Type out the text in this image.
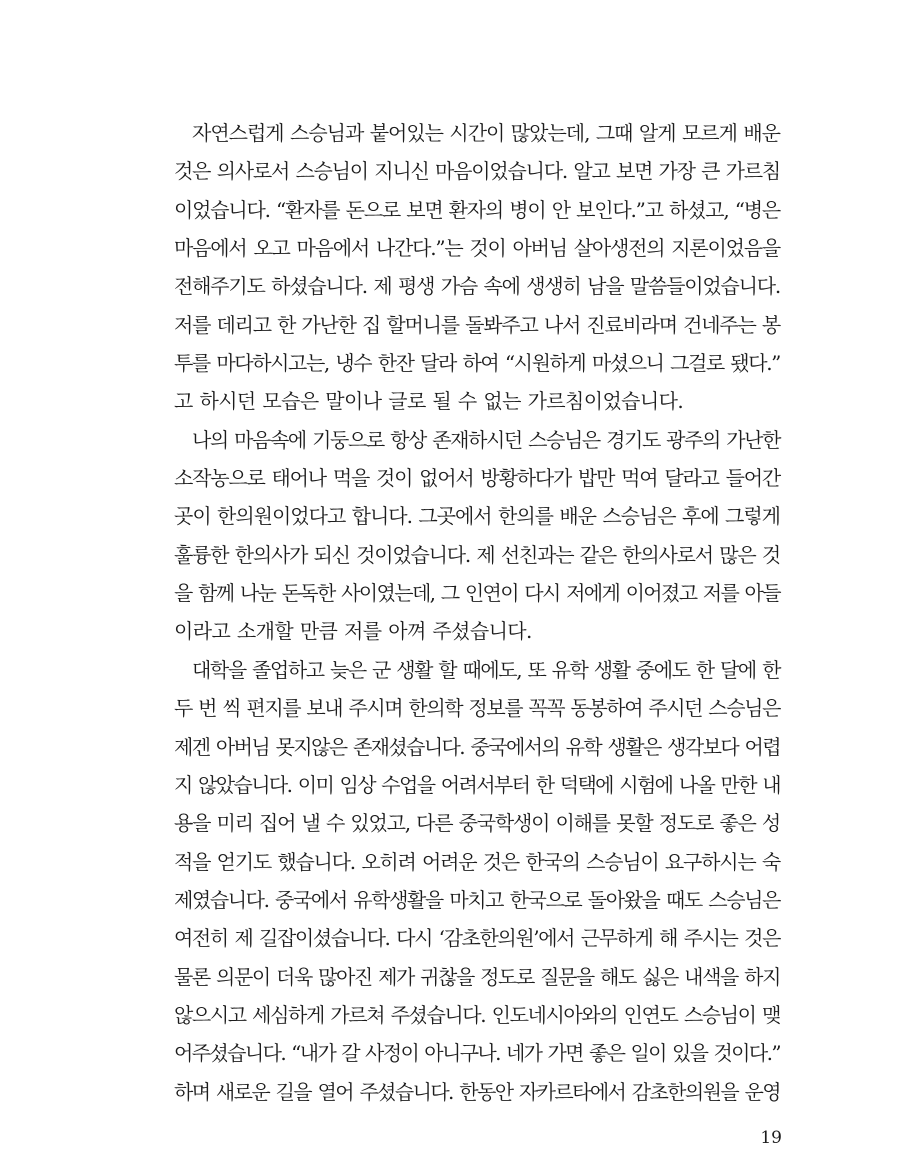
자연스럽게 스승님과 붙어있는 시간이 많았는데, 그때 알게 모르게 배운
것은 의사로서 스승님이 지니신 마음이었습니다. 알고 보면 가장 큰 가르침
이었습니다. “환자를 돈으로 보면 환자의 병이 안 보인다.”고 하셨고, “병은
마음에서 오고 마음에서 나간다.”는 것이 아버님 살아생전의 지론이었음을
전해주기도 하셨습니다. 제 평생 가슴 속에 생생히 남을 말씀들이었습니다.
저를 데리고 한 가난한 집 할머니를 돌봐주고 나서 진료비라며 건네주는 봉
투를 마다하시고는, 냉수 한잔 달라 하여 “시원하게 마셨으니 그걸로 됐다.”
고 하시던 모습은 말이나 글로 될 수 없는 가르침이었습니다.
나의 마음속에 기둥으로 항상 존재하시던 스승님은 경기도 광주의 가난한
소작농으로 태어나 먹을 것이 없어서 방황하다가 밥만 먹여 달라고 들어간
곳이 한의원이었다고 합니다. 그곳에서 한의를 배운 스승님은 후에 그렇게
훌륭한 한의사가 되신 것이었습니다. 제 선친과는 같은 한의사로서 많은 것
을 함께 나눈 돈독한 사이였는데, 그 인연이 다시 저에게 이어졌고 저를 아들
이라고 소개할 만큼 저를 아껴 주셨습니다.
대학을 졸업하고 늦은 군 생활 할 때에도, 또 유학 생활 중에도 한 달에 한
두 번 씩 편지를 보내 주시며 한의학 정보를 꼭꼭 동봉하여 주시던 스승님은
제겐 아버님 못지않은 존재셨습니다. 중국에서의 유학 생활은 생각보다 어렵
지 않았습니다. 이미 임상 수업을 어려서부터 한 덕택에 시험에 나올 만한 내
용을 미리 집어 낼 수 있었고, 다른 중국학생이 이해를 못할 정도로 좋은 성
적을 얻기도 했습니다. 오히려 어려운 것은 한국의 스승님이 요구하시는 숙
제였습니다. 중국에서 유학생활을 마치고 한국으로 돌아왔을 때도 스승님은
여전히 제 길잡이셨습니다. 다시 ‘감초한의원’에서 근무하게 해 주시는 것은
물론 의문이 더욱 많아진 제가 귀찮을 정도로 질문을 해도 싫은 내색을 하지
않으시고 세심하게 가르쳐 주셨습니다. 인도네시아와의 인연도 스승님이 맺
어주셨습니다. “내가 갈 사정이 아니구나. 네가 가면 좋은 일이 있을 것이다.”
하며 새로운 길을 열어 주셨습니다. 한동안 자카르타에서 감초한의원을 운영
19
